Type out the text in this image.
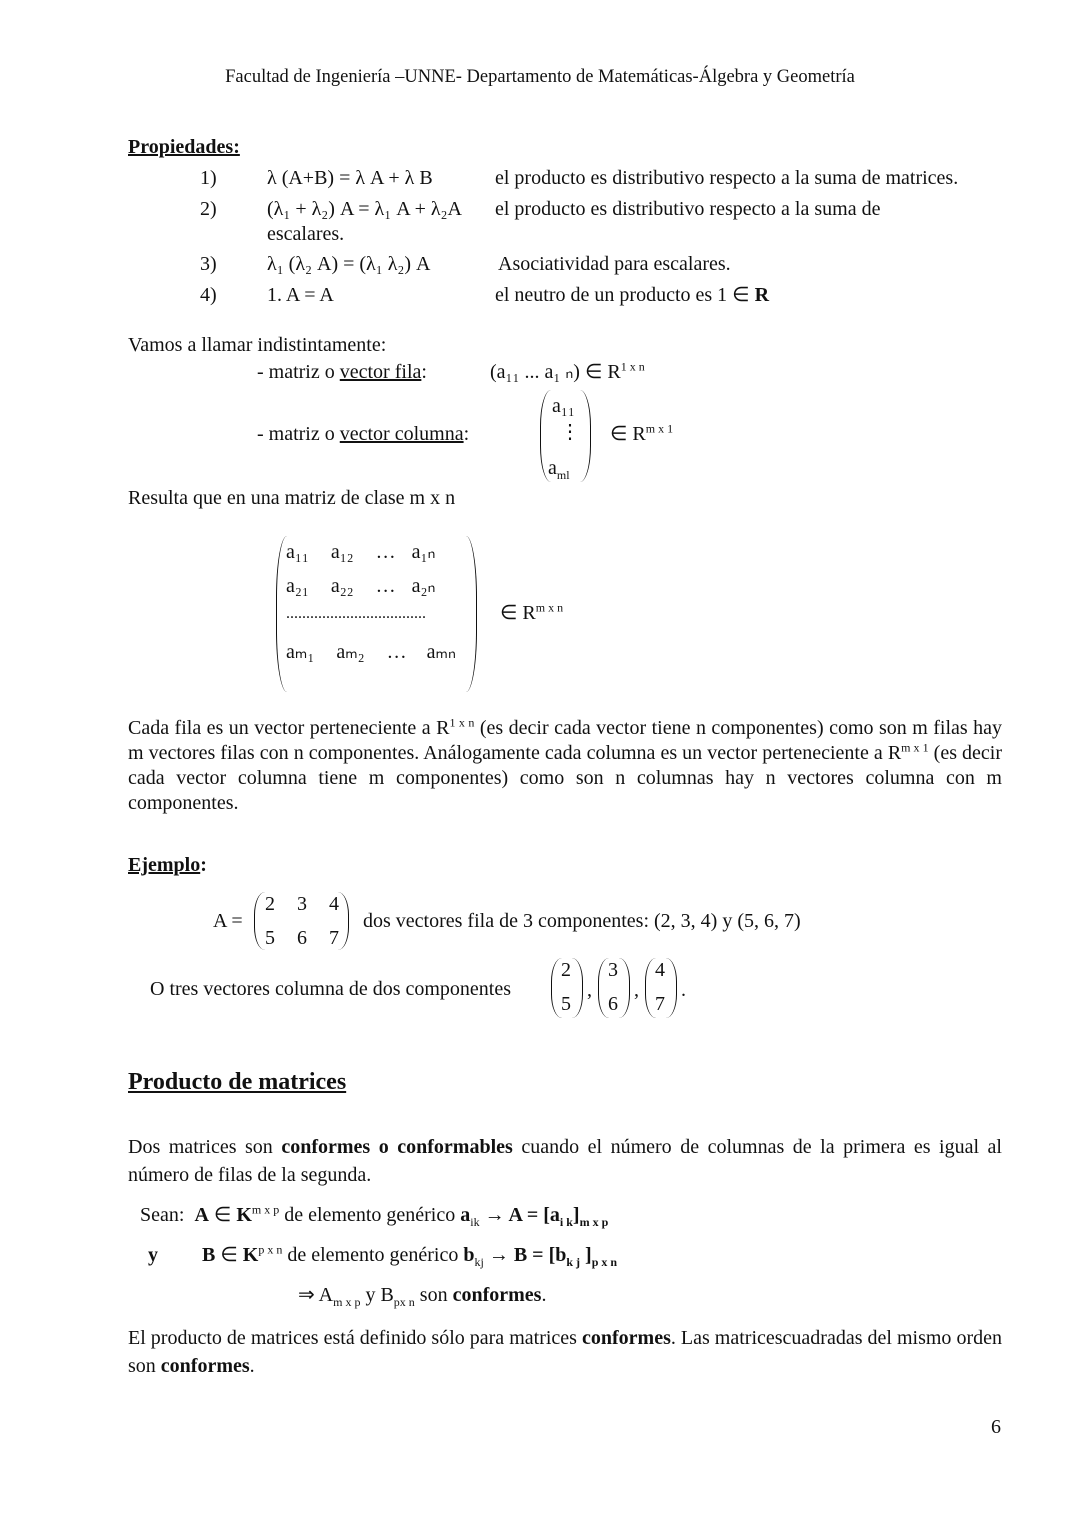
Facultad de Ingeniería –UNNE- Departamento de Matemáticas-Álgebra y Geometría
Propiedades:
1)	λ (A+B) = λ A + λ B	el producto es distributivo respecto a la suma de matrices.
2)	(λ₁ + λ₂) A = λ₁ A + λ₂A el producto es distributivo respecto a la suma de
escalares.
3)	λ₁ (λ₂ A) = (λ₁ λ₂) A	Asociatividad para escalares.
4)	1. A = A	el neutro de un producto es 1 ∈ R
Vamos a llamar indistintamente:
- matriz o vector fila:	(a₁₁ ... a₁ ₙ) ∈ $R^{1 x n}$
- matriz o vector columna:
a₁₁
⋮
$a_{ml}$
∈ $R^{m x 1}$
Resulta que en una matriz de clase m x n
a₁₁ a₁₂ … a₁ₙ
a₂₁ a₂₂ … a₂ₙ
...................................
aₘ₁ aₘ₂ … aₘₙ
∈ $R^{m x n}$
Cada fila es un vector perteneciente a $R^{1 x n}$ (es decir cada vector tiene n componentes) como son m filas hay m vectores filas con n componentes. Análogamente cada columna es un vector perteneciente a $R^{m x 1}$ (es decir cada vector columna tiene m componentes) como son n columnas hay n vectores columna con m componentes.
Ejemplo:
A =
2 3 4
5 6 7
dos vectores fila de 3 componentes: (2, 3, 4) y (5, 6, 7)
O tres vectores columna de dos componentes
2
5
,
3
6
,
4
7
.
Producto de matrices
Dos matrices son conformes o conformables cuando el número de columnas de la primera es igual al número de filas de la segunda.
Sean: A ∈ $K^{m x p}$ de elemento genérico $a_{ik} \to A = [a_{i k}]_{m x p}$
y B ∈ $K^{p x n}$ de elemento genérico $b_{kj} \to B = [b_{k j}$ ]$_{p x n}$
⇒ $A_{m x p}$ y $B_{px n}$ son conformes.
El producto de matrices está definido sólo para matrices conformes. Las matricescuadradas del mismo orden son conformes.
6
